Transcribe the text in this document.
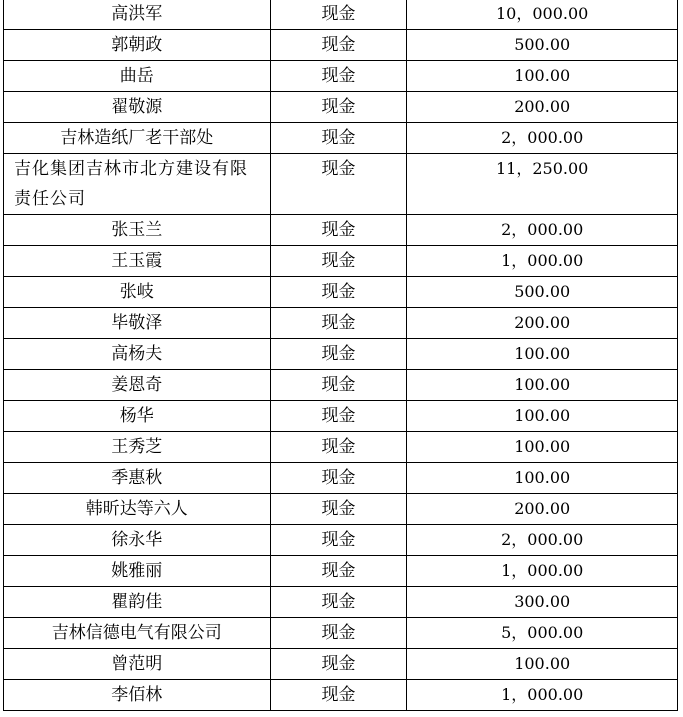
高洪军	现金	10，000.00
郭朝政	现金	500.00
曲岳	现金	100.00
翟敬源	现金	200.00
吉林造纸厂老干部处	现金	2，000.00
吉化集团吉林市北方建设有限责任公司	现金	11，250.00
张玉兰	现金	2，000.00
王玉霞	现金	1，000.00
张岐	现金	500.00
毕敬泽	现金	200.00
高杨夫	现金	100.00
姜恩奇	现金	100.00
杨华	现金	100.00
王秀芝	现金	100.00
季惠秋	现金	100.00
韩昕达等六人	现金	200.00
徐永华	现金	2，000.00
姚雅丽	现金	1，000.00
瞿韵佳	现金	300.00
吉林信德电气有限公司	现金	5，000.00
曾范明	现金	100.00
李佰林	现金	1，000.00
